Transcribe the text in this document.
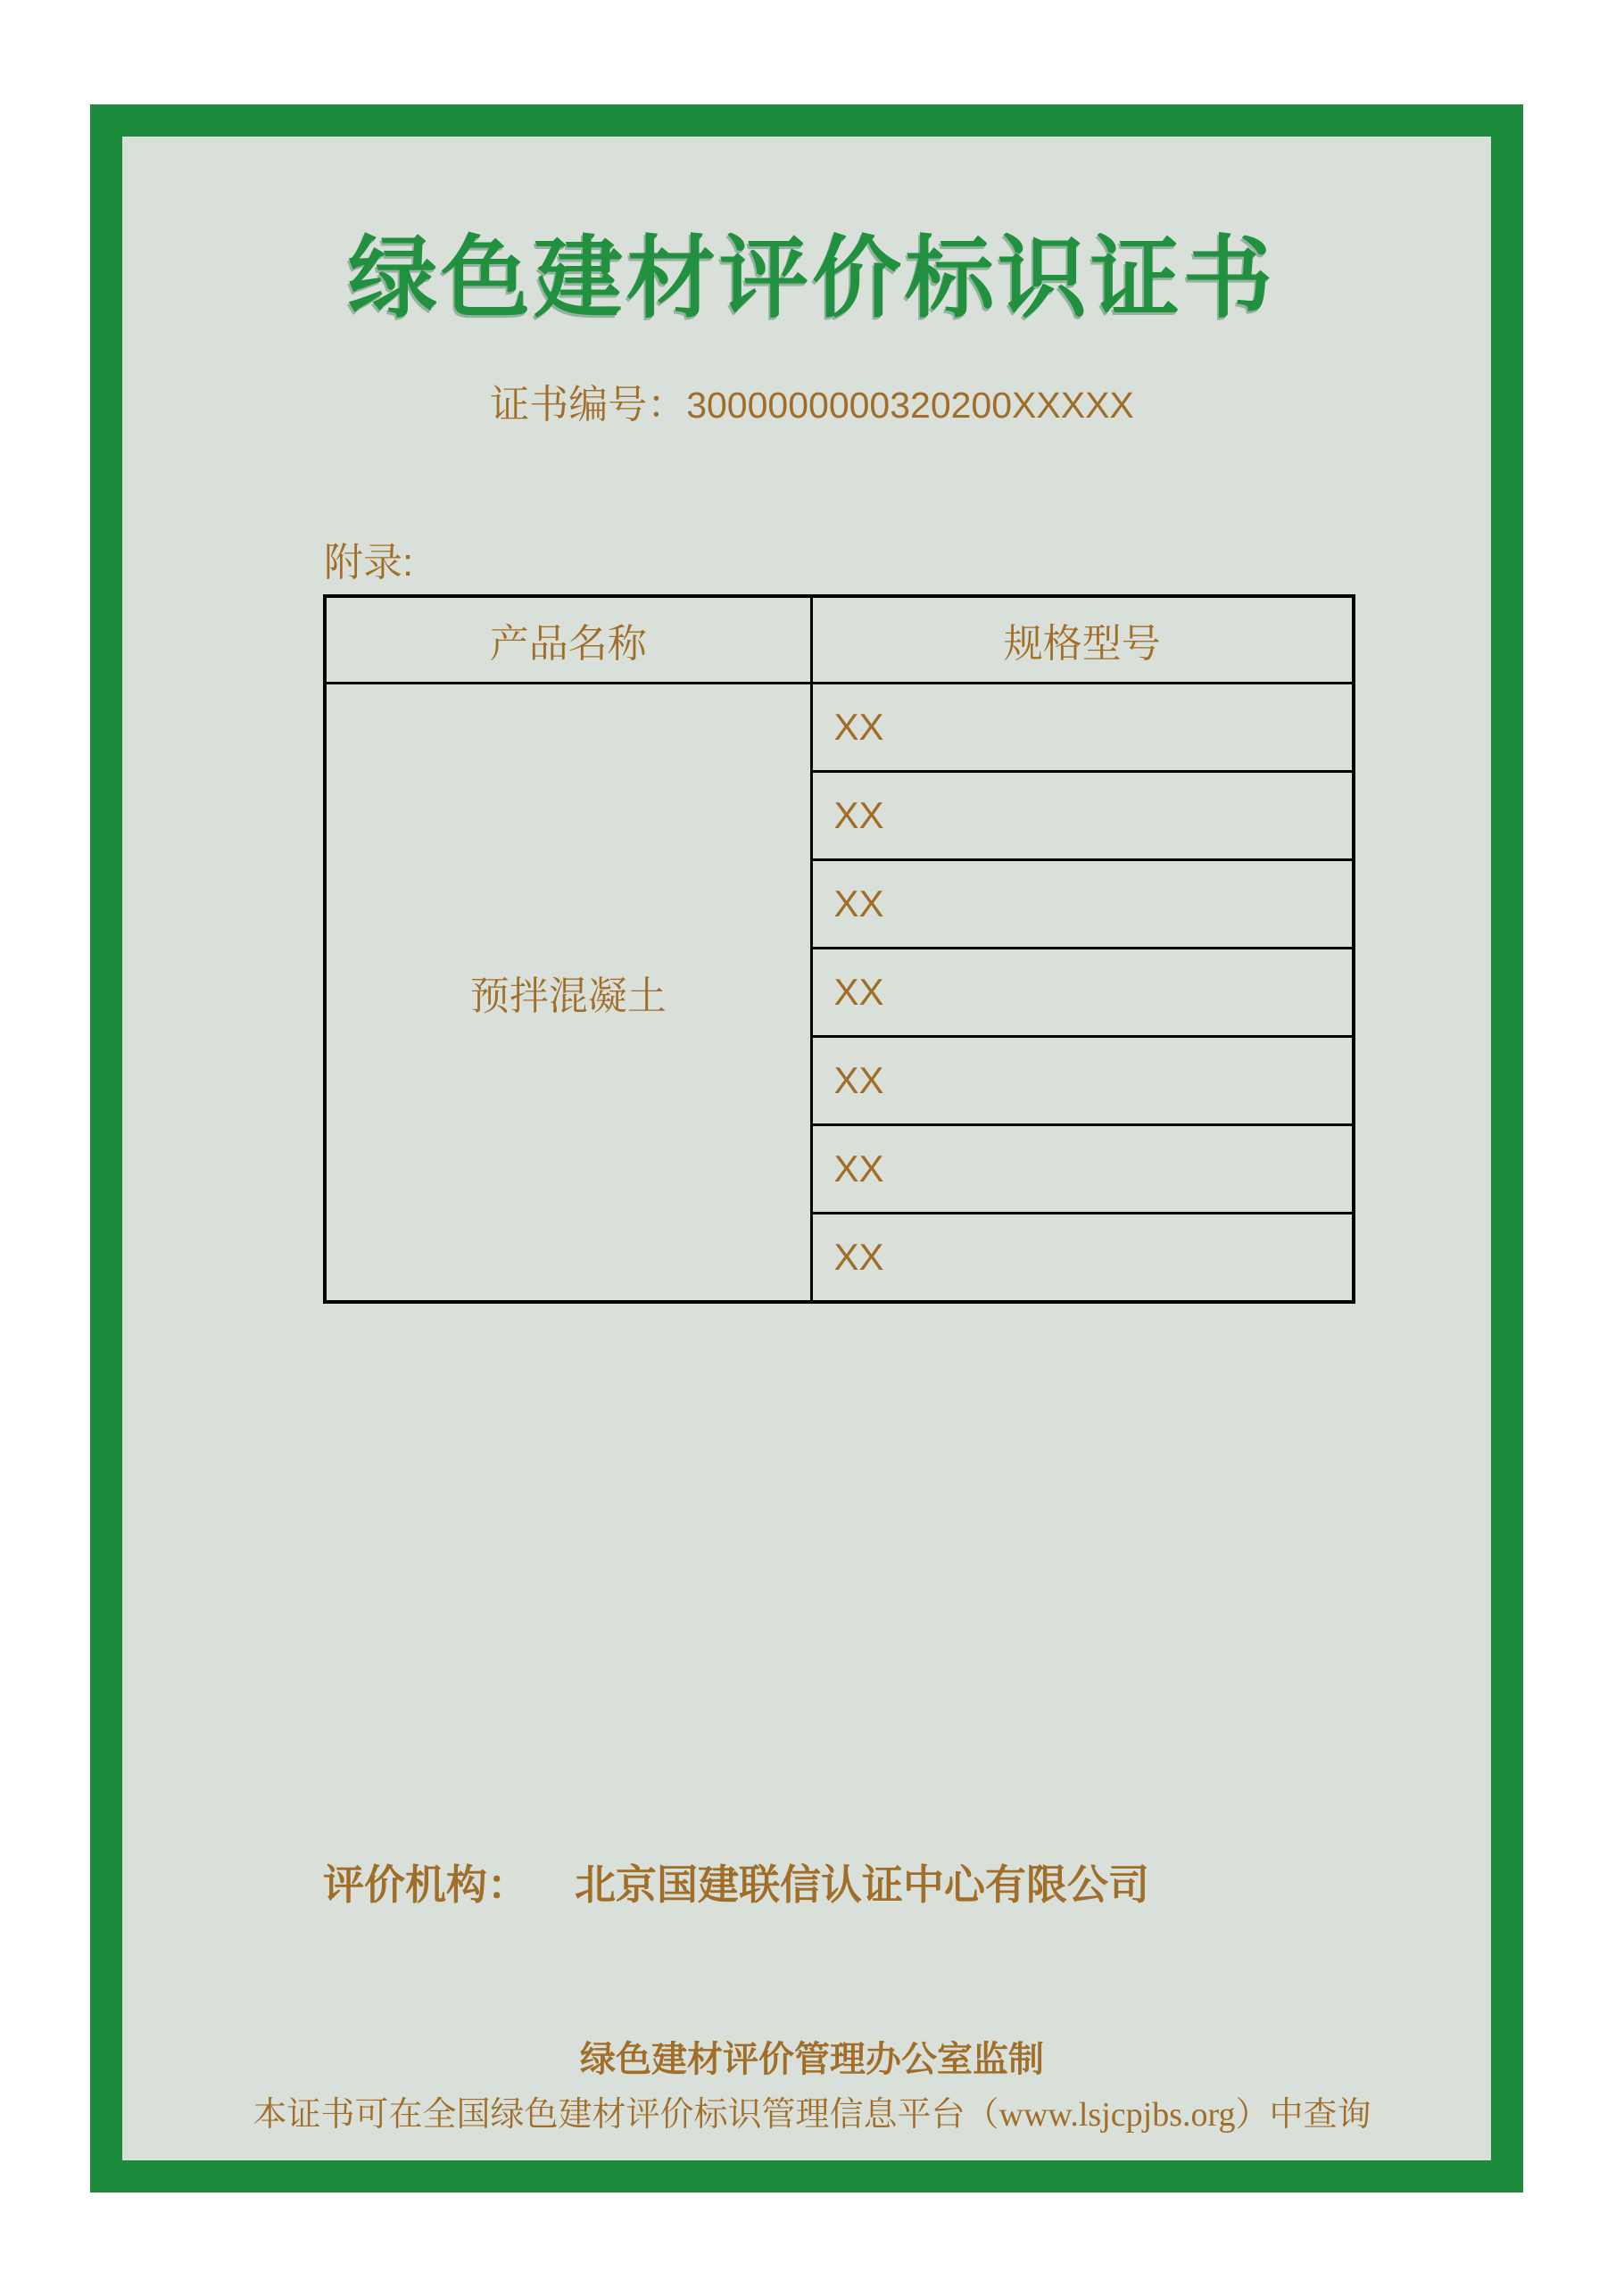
绿色建材评价标识证书
证书编号：3000000000320200XXXXX
附录:
产品名称	规格型号
预拌混凝土	XX
	XX
	XX
	XX
	XX
	XX
	XX
评价机构： 北京国建联信认证中心有限公司
绿色建材评价管理办公室监制
本证书可在全国绿色建材评价标识管理信息平台（www.lsjcpjbs.org）中查询
